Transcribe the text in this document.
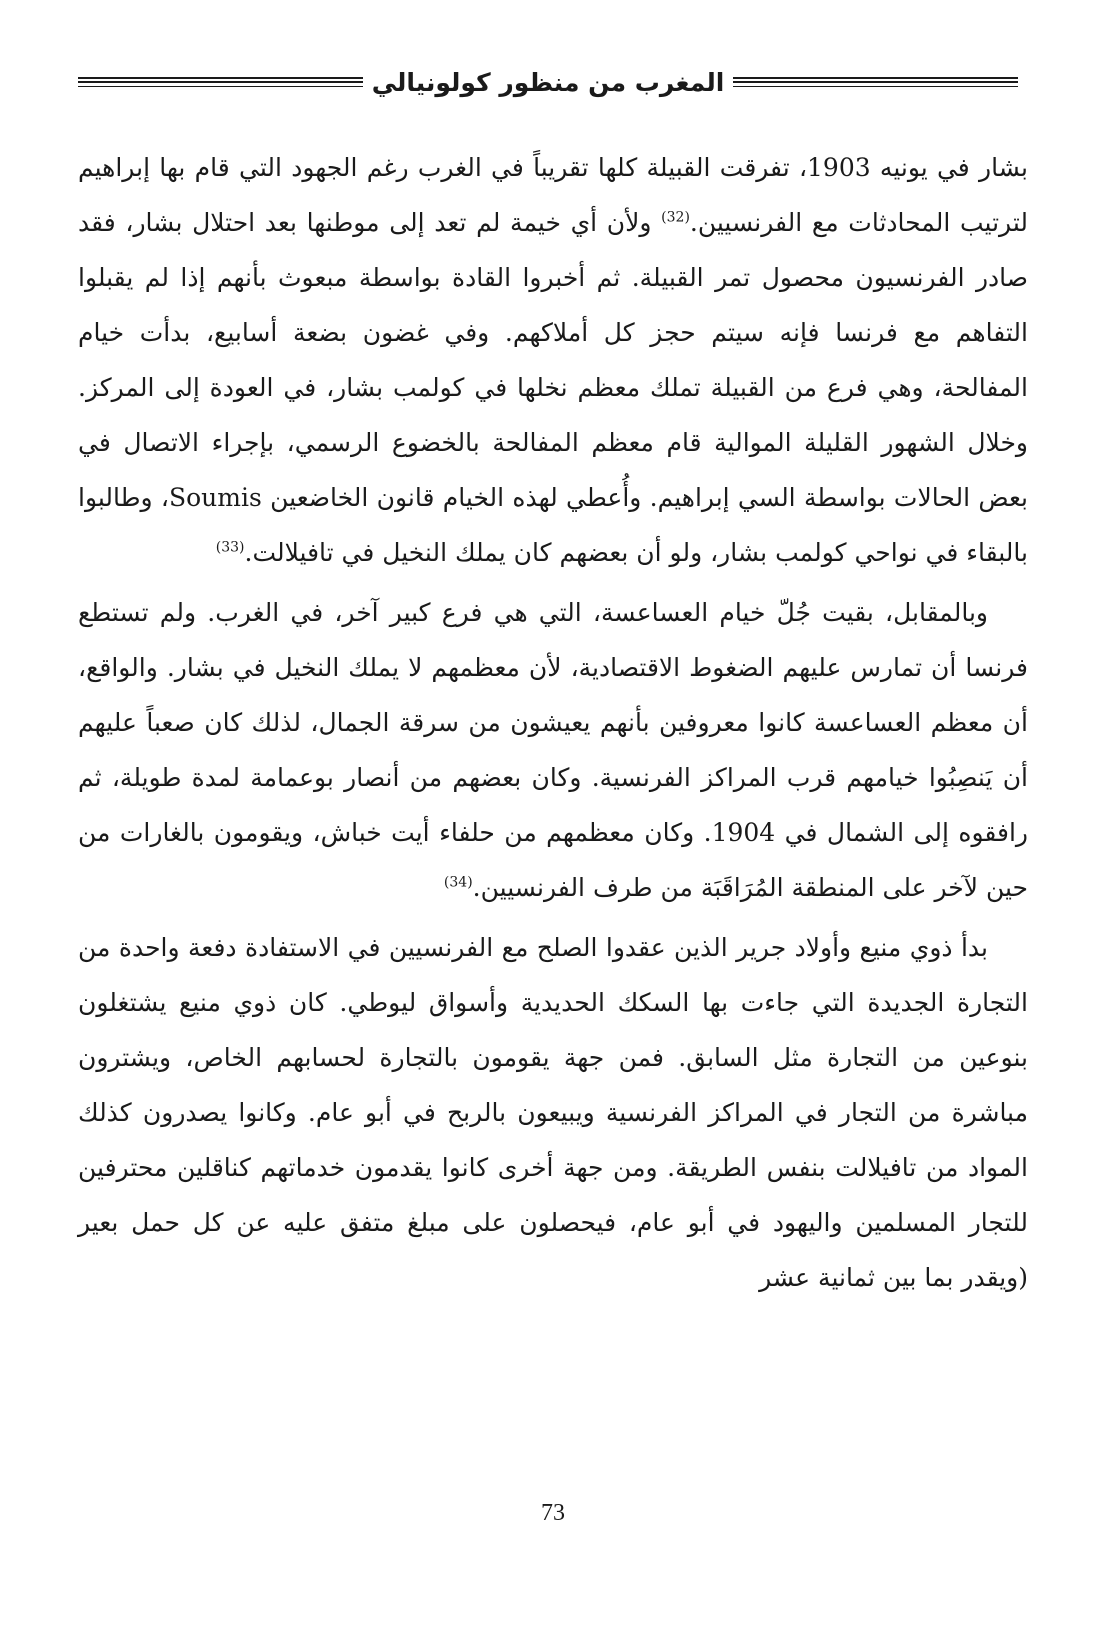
المغرب من منظور كولونيالي

بشار في يونيه 1903، تفرقت القبيلة كلها تقريباً في الغرب رغم الجهود التي قام بها إبراهيم لترتيب المحادثات مع الفرنسيين.$^{(32)}$ ولأن أي خيمة لم تعد إلى موطنها بعد احتلال بشار، فقد صادر الفرنسيون محصول تمر القبيلة. ثم أخبروا القادة بواسطة مبعوث بأنهم إذا لم يقبلوا التفاهم مع فرنسا فإنه سيتم حجز كل أملاكهم. وفي غضون بضعة أسابيع، بدأت خيام المفالحة، وهي فرع من القبيلة تملك معظم نخلها في كولمب بشار، في العودة إلى المركز. وخلال الشهور القليلة الموالية قام معظم المفالحة بالخضوع الرسمي، بإجراء الاتصال في بعض الحالات بواسطة السي إبراهيم. وأُعطي لهذه الخيام قانون الخاضعين Soumis، وطالبوا بالبقاء في نواحي كولمب بشار، ولو أن بعضهم كان يملك النخيل في تافيلالت.$^{(33)}$

وبالمقابل، بقيت جُلّ خيام العساعسة، التي هي فرع كبير آخر، في الغرب. ولم تستطع فرنسا أن تمارس عليهم الضغوط الاقتصادية، لأن معظمهم لا يملك النخيل في بشار. والواقع، أن معظم العساعسة كانوا معروفين بأنهم يعيشون من سرقة الجمال، لذلك كان صعباً عليهم أن يَنصِبُوا خيامهم قرب المراكز الفرنسية. وكان بعضهم من أنصار بوعمامة لمدة طويلة، ثم رافقوه إلى الشمال في 1904. وكان معظمهم من حلفاء أيت خباش، ويقومون بالغارات من حين لآخر على المنطقة المُرَاقَبَة من طرف الفرنسيين.$^{(34)}$

بدأ ذوي منيع وأولاد جرير الذين عقدوا الصلح مع الفرنسيين في الاستفادة دفعة واحدة من التجارة الجديدة التي جاءت بها السكك الحديدية وأسواق ليوطي. كان ذوي منيع يشتغلون بنوعين من التجارة مثل السابق. فمن جهة يقومون بالتجارة لحسابهم الخاص، ويشترون مباشرة من التجار في المراكز الفرنسية ويبيعون بالربح في أبو عام. وكانوا يصدرون كذلك المواد من تافيلالت بنفس الطريقة. ومن جهة أخرى كانوا يقدمون خدماتهم كناقلين محترفين للتجار المسلمين واليهود في أبو عام، فيحصلون على مبلغ متفق عليه عن كل حمل بعير (ويقدر بما بين ثمانية عشر

73
